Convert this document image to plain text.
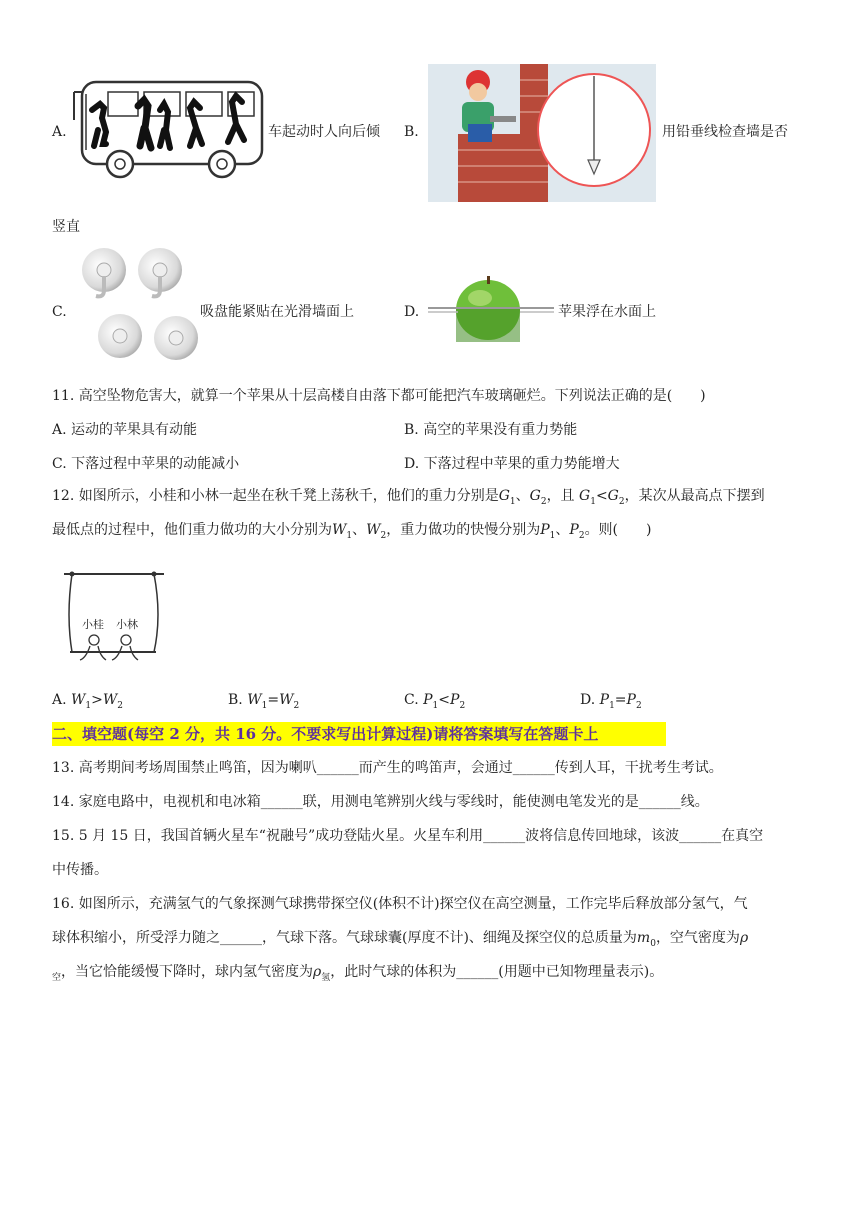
A.	车起动时人向后倾 B.	用铅垂线检查墙是否
竖直
C.	吸盘能紧贴在光滑墙面上	D.	苹果浮在水面上
11. 高空坠物危害大，就算一个苹果从十层高楼自由落下都可能把汽车玻璃砸烂。下列说法正确的是(　　)
A. 运动的苹果具有动能	B. 高空的苹果没有重力势能
C. 下落过程中苹果的动能减小	D. 下落过程中苹果的重力势能增大
12. 如图所示，小桂和小林一起坐在秋千凳上荡秋千，他们的重力分别是$G_1$、$G_2$，且 $G_1<G_2$，某次从最高点下摆到
最低点的过程中，他们重力做功的大小分别为$W_1$、$W_2$，重力做功的快慢分别为$P_1$、$P_2$。则(　　)
小桂 小林
A. $W_1>W_2$	B. $W_1=W_2$	C. $P_1<P_2$	D. $P_1=P_2$
二、填空题(每空 2 分，共 16 分。不要求写出计算过程)请将答案填写在答题卡上
13. 高考期间考场周围禁止鸣笛，因为喇叭______而产生的鸣笛声，会通过______传到人耳，干扰考生考试。
14. 家庭电路中，电视机和电冰箱______联，用测电笔辨别火线与零线时，能使测电笔发光的是______线。
15. 5 月 15 日，我国首辆火星车“祝融号”成功登陆火星。火星车利用______波将信息传回地球，该波______在真空
中传播。
16. 如图所示，充满氢气的气象探测气球携带探空仪(体积不计)探空仪在高空测量，工作完毕后释放部分氢气，气
球体积缩小，所受浮力随之______，气球下落。气球球囊(厚度不计)、细绳及探空仪的总质量为$m_0$，空气密度为ρ
$_空$，当它恰能缓慢下降时，球内氢气密度为$\rho_氢$，此时气球的体积为______(用题中已知物理量表示)。
